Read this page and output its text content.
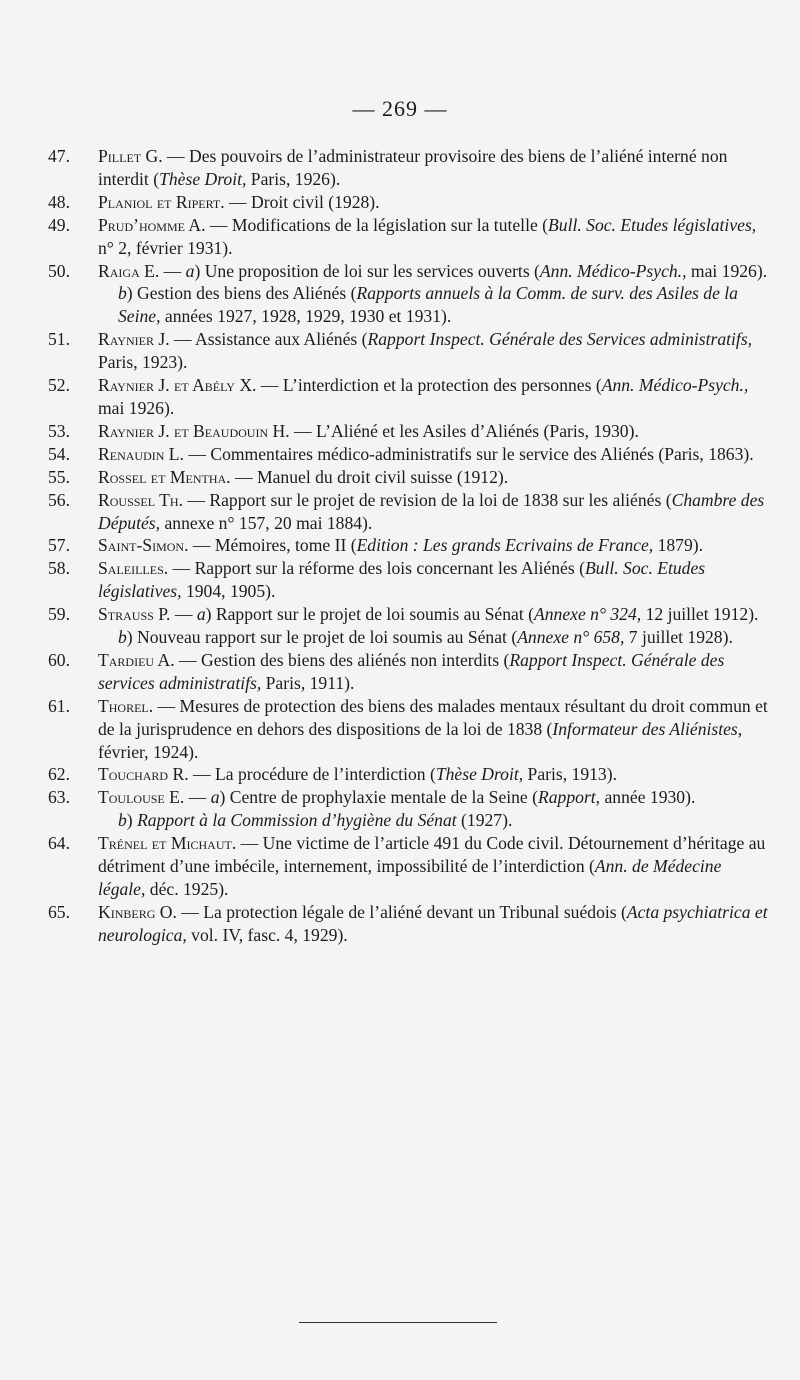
— 269 —
47. Pillet G. — Des pouvoirs de l’administrateur provisoire des biens de l’aliéné interné non interdit (Thèse Droit, Paris, 1926).
48. Planiol et Ripert. — Droit civil (1928).
49. Prud’homme A. — Modifications de la législation sur la tutelle (Bull. Soc. Etudes législatives, n° 2, février 1931).
50. Raiga E. — a) Une proposition de loi sur les services ouverts (Ann. Médico-Psych., mai 1926).
b) Gestion des biens des Aliénés (Rapports annuels à la Comm. de surv. des Asiles de la Seine, années 1927, 1928, 1929, 1930 et 1931).
51. Raynier J. — Assistance aux Aliénés (Rapport Inspect. Générale des Services administratifs, Paris, 1923).
52. Raynier J. et Abély X. — L’interdiction et la protection des personnes (Ann. Médico-Psych., mai 1926).
53. Raynier J. et Beaudouin H. — L’Aliéné et les Asiles d’Aliénés (Paris, 1930).
54. Renaudin L. — Commentaires médico-administratifs sur le service des Aliénés (Paris, 1863).
55. Rossel et Mentha. — Manuel du droit civil suisse (1912).
56. Roussel Th. — Rapport sur le projet de revision de la loi de 1838 sur les aliénés (Chambre des Députés, annexe n° 157, 20 mai 1884).
57. Saint-Simon. — Mémoires, tome II (Edition : Les grands Ecrivains de France, 1879).
58. Saleilles. — Rapport sur la réforme des lois concernant les Aliénés (Bull. Soc. Etudes législatives, 1904, 1905).
59. Strauss P. — a) Rapport sur le projet de loi soumis au Sénat (Annexe n° 324, 12 juillet 1912).
b) Nouveau rapport sur le projet de loi soumis au Sénat (Annexe n° 658, 7 juillet 1928).
60. Tardieu A. — Gestion des biens des aliénés non interdits (Rapport Inspect. Générale des services administratifs, Paris, 1911).
61. Thorel. — Mesures de protection des biens des malades mentaux résultant du droit commun et de la jurisprudence en dehors des dispositions de la loi de 1838 (Informateur des Aliénistes, février, 1924).
62. Touchard R. — La procédure de l’interdiction (Thèse Droit, Paris, 1913).
63. Toulouse E. — a) Centre de prophylaxie mentale de la Seine (Rapport, année 1930).
b) Rapport à la Commission d’hygiène du Sénat (1927).
64. Trénel et Michaut. — Une victime de l’article 491 du Code civil. Détournement d’héritage au détriment d’une imbécile, internement, impossibilité de l’interdiction (Ann. de Médecine légale, déc. 1925).
65. Kinberg O. — La protection légale de l’aliéné devant un Tribunal suédois (Acta psychiatrica et neurologica, vol. IV, fasc. 4, 1929).
